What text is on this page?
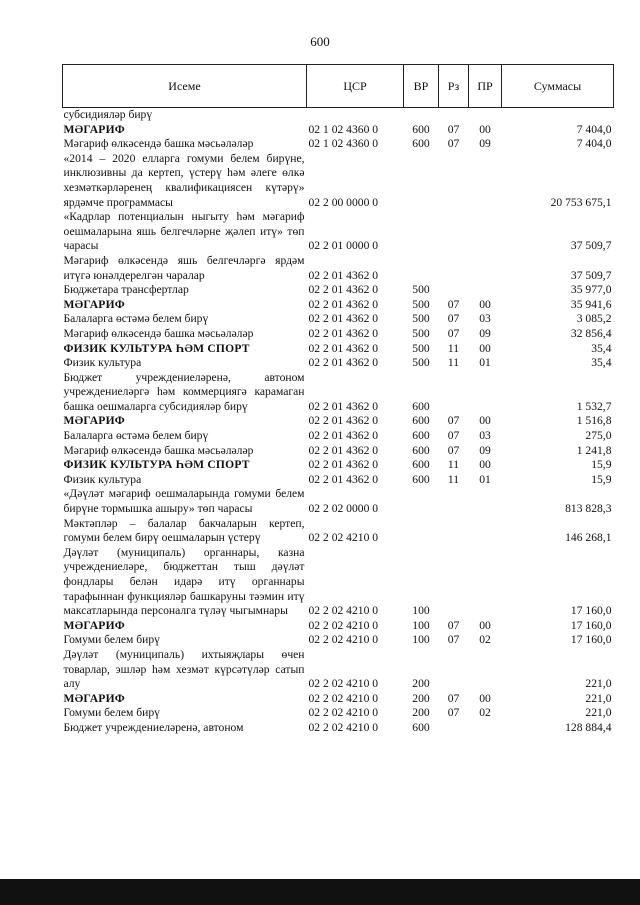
600
Исеме	ЦСР	ВР	Рз	ПР	Суммасы
субсидияләр бирү					
МӘГАРИФ	02 1 02 4360 0	600	07	00	7 404,0
Мәгариф өлкәсендә башка мәсьәләләр	02 1 02 4360 0	600	07	09	7 404,0
«2014 – 2020 елларга гомуми белем бирүне, инклюзивны да кертеп, үстерү һәм әлеге өлкә хезмәткәрләренең квалификациясен күтәрү» ярдәмче программасы	02 2 00 0000 0				20 753 675,1
«Кадрлар потенциалын ныгыту һәм мәгариф оешмаларына яшь белгечләрне җәлеп итү» төп чарасы	02 2 01 0000 0				37 509,7
Мәгариф өлкәсендә яшь белгечләргә ярдәм итүгә юнәлдерелгән чаралар	02 2 01 4362 0				37 509,7
Бюджетара трансфертлар	02 2 01 4362 0	500			35 977,0
МӘГАРИФ	02 2 01 4362 0	500	07	00	35 941,6
Балаларга өстәмә белем бирү	02 2 01 4362 0	500	07	03	3 085,2
Мәгариф өлкәсендә башка мәсьәләләр	02 2 01 4362 0	500	07	09	32 856,4
ФИЗИК КУЛЬТУРА ҺӘМ СПОРТ	02 2 01 4362 0	500	11	00	35,4
Физик культура	02 2 01 4362 0	500	11	01	35,4
Бюджет учреждениеләренә, автоном учреждениеләргә һәм коммерциягә карамаган башка оешмаларга субсидияләр бирү	02 2 01 4362 0	600			1 532,7
МӘГАРИФ	02 2 01 4362 0	600	07	00	1 516,8
Балаларга өстәмә белем бирү	02 2 01 4362 0	600	07	03	275,0
Мәгариф өлкәсендә башка мәсьәләләр	02 2 01 4362 0	600	07	09	1 241,8
ФИЗИК КУЛЬТУРА ҺӘМ СПОРТ	02 2 01 4362 0	600	11	00	15,9
Физик культура	02 2 01 4362 0	600	11	01	15,9
«Дәүләт мәгариф оешмаларында гомуми белем бирүне тормышка ашыру» төп чарасы	02 2 02 0000 0				813 828,3
Мәктәпләр – балалар бакчаларын кертеп, гомуми белем бирү оешмаларын үстерү	02 2 02 4210 0				146 268,1
Дәүләт (муниципаль) органнары, казна учреждениеләре, бюджеттан тыш дәүләт фондлары белән идарә итү органнары тарафыннан функцияләр башкаруны тәэмин итү максатларында персоналга түләү чыгымнары	02 2 02 4210 0	100			17 160,0
МӘГАРИФ	02 2 02 4210 0	100	07	00	17 160,0
Гомуми белем бирү	02 2 02 4210 0	100	07	02	17 160,0
Дәүләт (муниципаль) ихтыяҗлары өчен товарлар, эшләр һәм хезмәт күрсәтүләр сатып алу	02 2 02 4210 0	200			221,0
МӘГАРИФ	02 2 02 4210 0	200	07	00	221,0
Гомуми белем бирү	02 2 02 4210 0	200	07	02	221,0
Бюджет учреждениеләренә, автоном	02 2 02 4210 0	600			128 884,4
